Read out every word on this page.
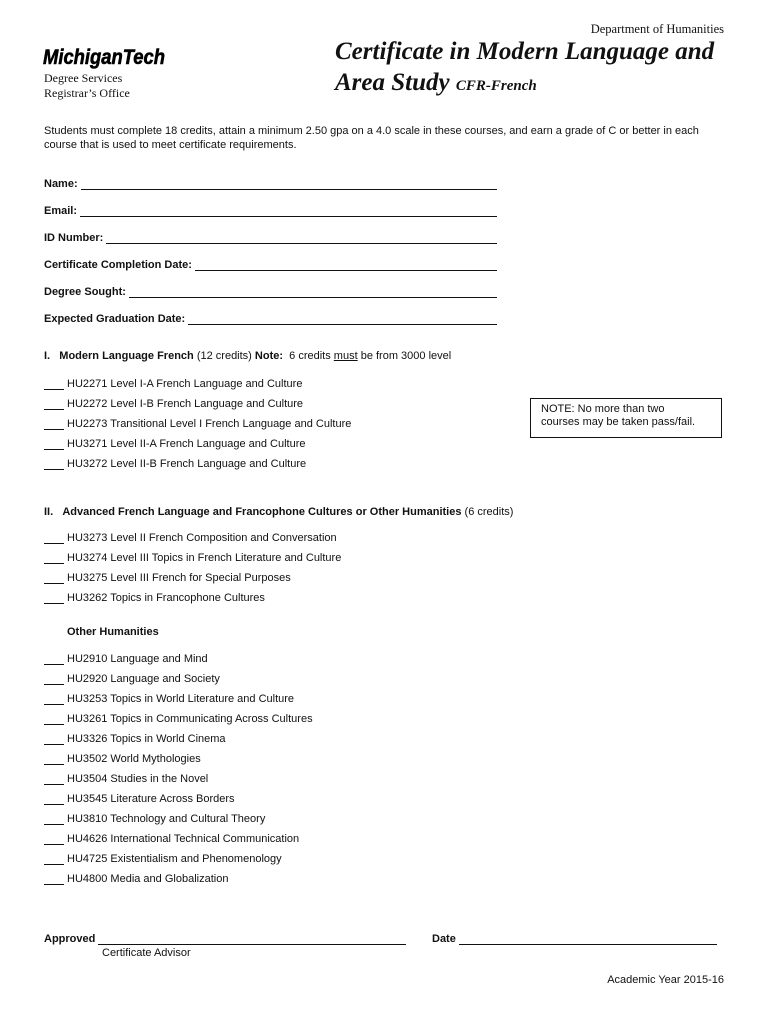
Department of Humanities
MichiganTech
Degree Services
Registrar’s Office
Certificate in Modern Language and
Area Study CFR-French
Students must complete 18 credits, attain a minimum 2.50 gpa on a 4.0 scale in these courses, and earn a grade of C or better in each course that is used to meet certificate requirements.
Name:
Email:
ID Number:
Certificate Completion Date:
Degree Sought:
Expected Graduation Date:
I. Modern Language French (12 credits) Note: 6 credits must be from 3000 level
HU2271 Level I-A French Language and Culture
HU2272 Level I-B French Language and Culture
HU2273 Transitional Level I French Language and Culture
HU3271 Level II-A French Language and Culture
HU3272 Level II-B French Language and Culture
NOTE: No more than two
courses may be taken pass/fail.
II. Advanced French Language and Francophone Cultures or Other Humanities (6 credits)
HU3273 Level II French Composition and Conversation
HU3274 Level III Topics in French Literature and Culture
HU3275 Level III French for Special Purposes
HU3262 Topics in Francophone Cultures
Other Humanities
HU2910 Language and Mind
HU2920 Language and Society
HU3253 Topics in World Literature and Culture
HU3261 Topics in Communicating Across Cultures
HU3326 Topics in World Cinema
HU3502 World Mythologies
HU3504 Studies in the Novel
HU3545 Literature Across Borders
HU3810 Technology and Cultural Theory
HU4626 International Technical Communication
HU4725 Existentialism and Phenomenology
HU4800 Media and Globalization
Approved
Certificate Advisor
Date
Academic Year 2015-16
